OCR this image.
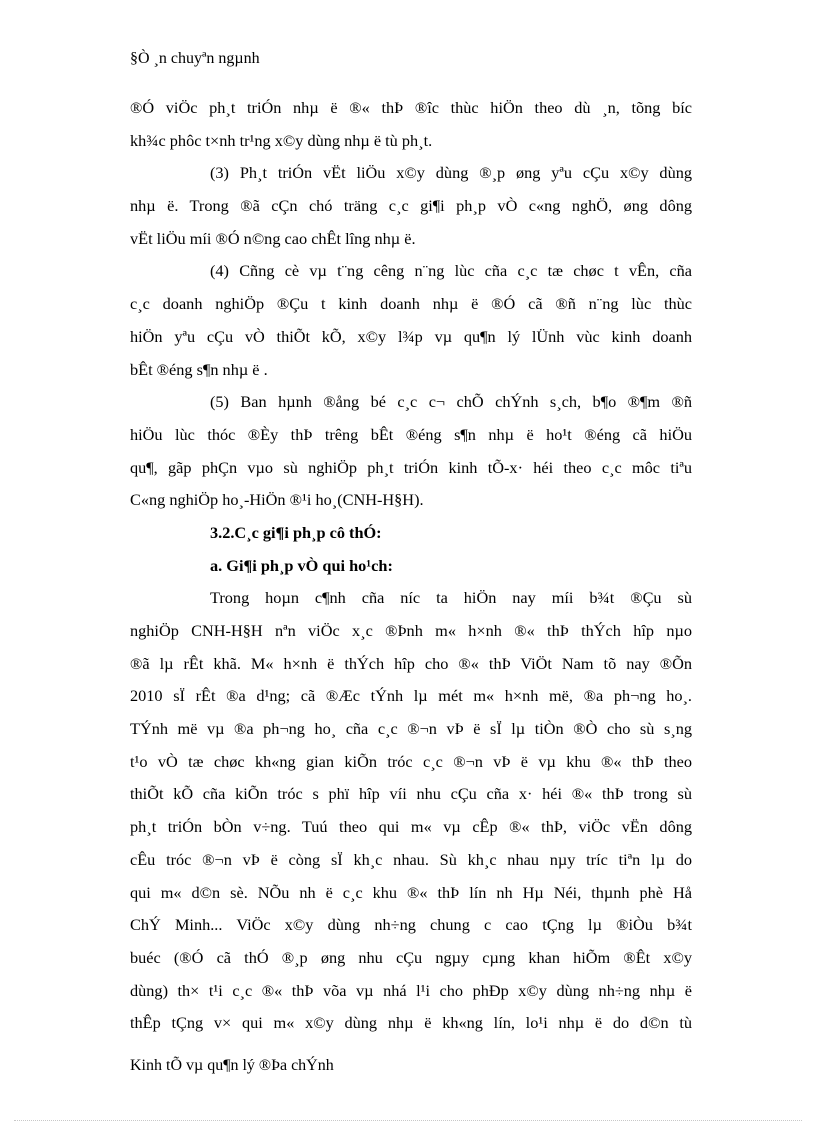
§Ò ¸n chuyªn ngµnh
®Ó viÖc ph¸t triÓn nhµ ë ®« thÞ ®îc thùc hiÖn theo dù ¸n, tõng bíc
kh¾c phôc t×nh tr¹ng x©y dùng nhµ ë tù ph¸t.
(3) Ph¸t triÓn vËt liÖu x©y dùng ®¸p øng yªu cÇu x©y dùng
nhµ ë. Trong ®ã cÇn chó träng c¸c gi¶i ph¸p vÒ c«ng nghÖ, øng dông
vËt liÖu míi ®Ó n©ng cao chÊt lîng nhµ ë.
(4) Cñng cè vµ t¨ng cêng n¨ng lùc cña c¸c tæ chøc t vÊn, cña
c¸c doanh nghiÖp ®Çu t kinh doanh nhµ ë ®Ó cã ®ñ n¨ng lùc thùc
hiÖn yªu cÇu vÒ thiÕt kÕ, x©y l¾p vµ qu¶n lý lÜnh vùc kinh doanh
bÊt ®éng s¶n nhµ ë .
(5) Ban hµnh ®ång bé c¸c c¬ chÕ chÝnh s¸ch, b¶o ®¶m ®ñ
hiÖu lùc thóc ®Èy thÞ trêng bÊt ®éng s¶n nhµ ë ho¹t ®éng cã hiÖu
qu¶, gãp phÇn vµo sù nghiÖp ph¸t triÓn kinh tÕ-x· héi theo c¸c môc tiªu
C«ng nghiÖp ho¸-HiÖn ®¹i ho¸(CNH-H§H).
3.2.C¸c gi¶i ph¸p cô thÓ:
a. Gi¶i ph¸p vÒ qui ho¹ch:
Trong hoµn c¶nh cña níc ta hiÖn nay míi b¾t ®Çu sù
nghiÖp CNH-H§H nªn viÖc x¸c ®Þnh m« h×nh ®« thÞ thÝch hîp nµo
®ã lµ rÊt khã. M« h×nh ë thÝch hîp cho ®« thÞ ViÖt Nam tõ nay ®Õn
2010 sÏ rÊt ®a d¹ng; cã ®Æc tÝnh lµ mét m« h×nh më, ®a ph¬ng ho¸.
TÝnh më vµ ®a ph¬ng ho¸ cña c¸c ®¬n vÞ ë sÏ lµ tiÒn ®Ò cho sù s¸ng
t¹o vÒ tæ chøc kh«ng gian kiÕn tróc c¸c ®¬n vÞ ë vµ khu ®« thÞ theo
thiÕt kÕ cña kiÕn tróc s phï hîp víi nhu cÇu cña x· héi ®« thÞ trong sù
ph¸t triÓn bÒn v÷ng. Tuú theo qui m« vµ cÊp ®« thÞ, viÖc vËn dông
cÊu tróc ®¬n vÞ ë còng sÏ kh¸c nhau. Sù kh¸c nhau nµy tríc tiªn lµ do
qui m« d©n sè. NÕu nh ë c¸c khu ®« thÞ lín nh Hµ Néi, thµnh phè Hå
ChÝ Minh... ViÖc x©y dùng nh÷ng chung c cao tÇng lµ ®iÒu b¾t
buéc (®Ó cã thÓ ®¸p øng nhu cÇu ngµy cµng khan hiÕm ®Êt x©y
dùng) th× t¹i c¸c ®« thÞ võa vµ nhá l¹i cho phÐp x©y dùng nh÷ng nhµ ë
thÊp tÇng v× qui m« x©y dùng nhµ ë kh«ng lín, lo¹i nhµ ë do d©n tù
Kinh tÕ vµ qu¶n lý ®Þa chÝnh
